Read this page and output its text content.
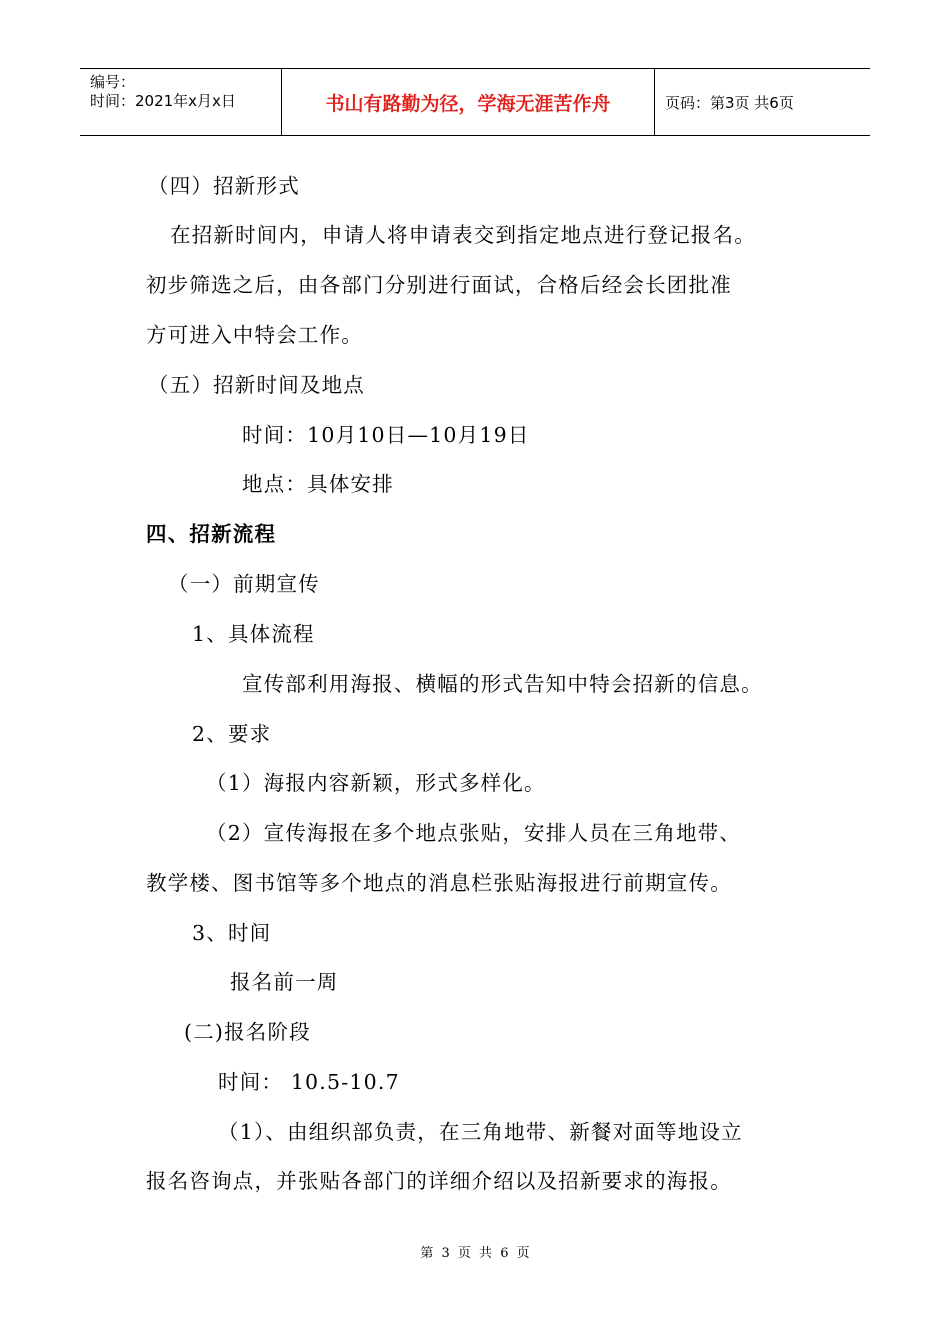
编号：
时间：2021年x月x日	书山有路勤为径，学海无涯苦作舟	页码：第3页 共6页
（四）招新形式
在招新时间内，申请人将申请表交到指定地点进行登记报名。
初步筛选之后，由各部门分别进行面试，合格后经会长团批准
方可进入中特会工作。
（五）招新时间及地点
时间：10月10日—10月19日
地点：具体安排
四、招新流程
（一）前期宣传
1、具体流程
宣传部利用海报、横幅的形式告知中特会招新的信息。
2、要求
（1）海报内容新颖，形式多样化。
（2）宣传海报在多个地点张贴，安排人员在三角地带、
教学楼、图书馆等多个地点的消息栏张贴海报进行前期宣传。
3、时间
报名前一周
(二)报名阶段
时间： 10.5-10.7
（1）、由组织部负责，在三角地带、新餐对面等地设立
报名咨询点，并张贴各部门的详细介绍以及招新要求的海报。
第 3 页 共 6 页
